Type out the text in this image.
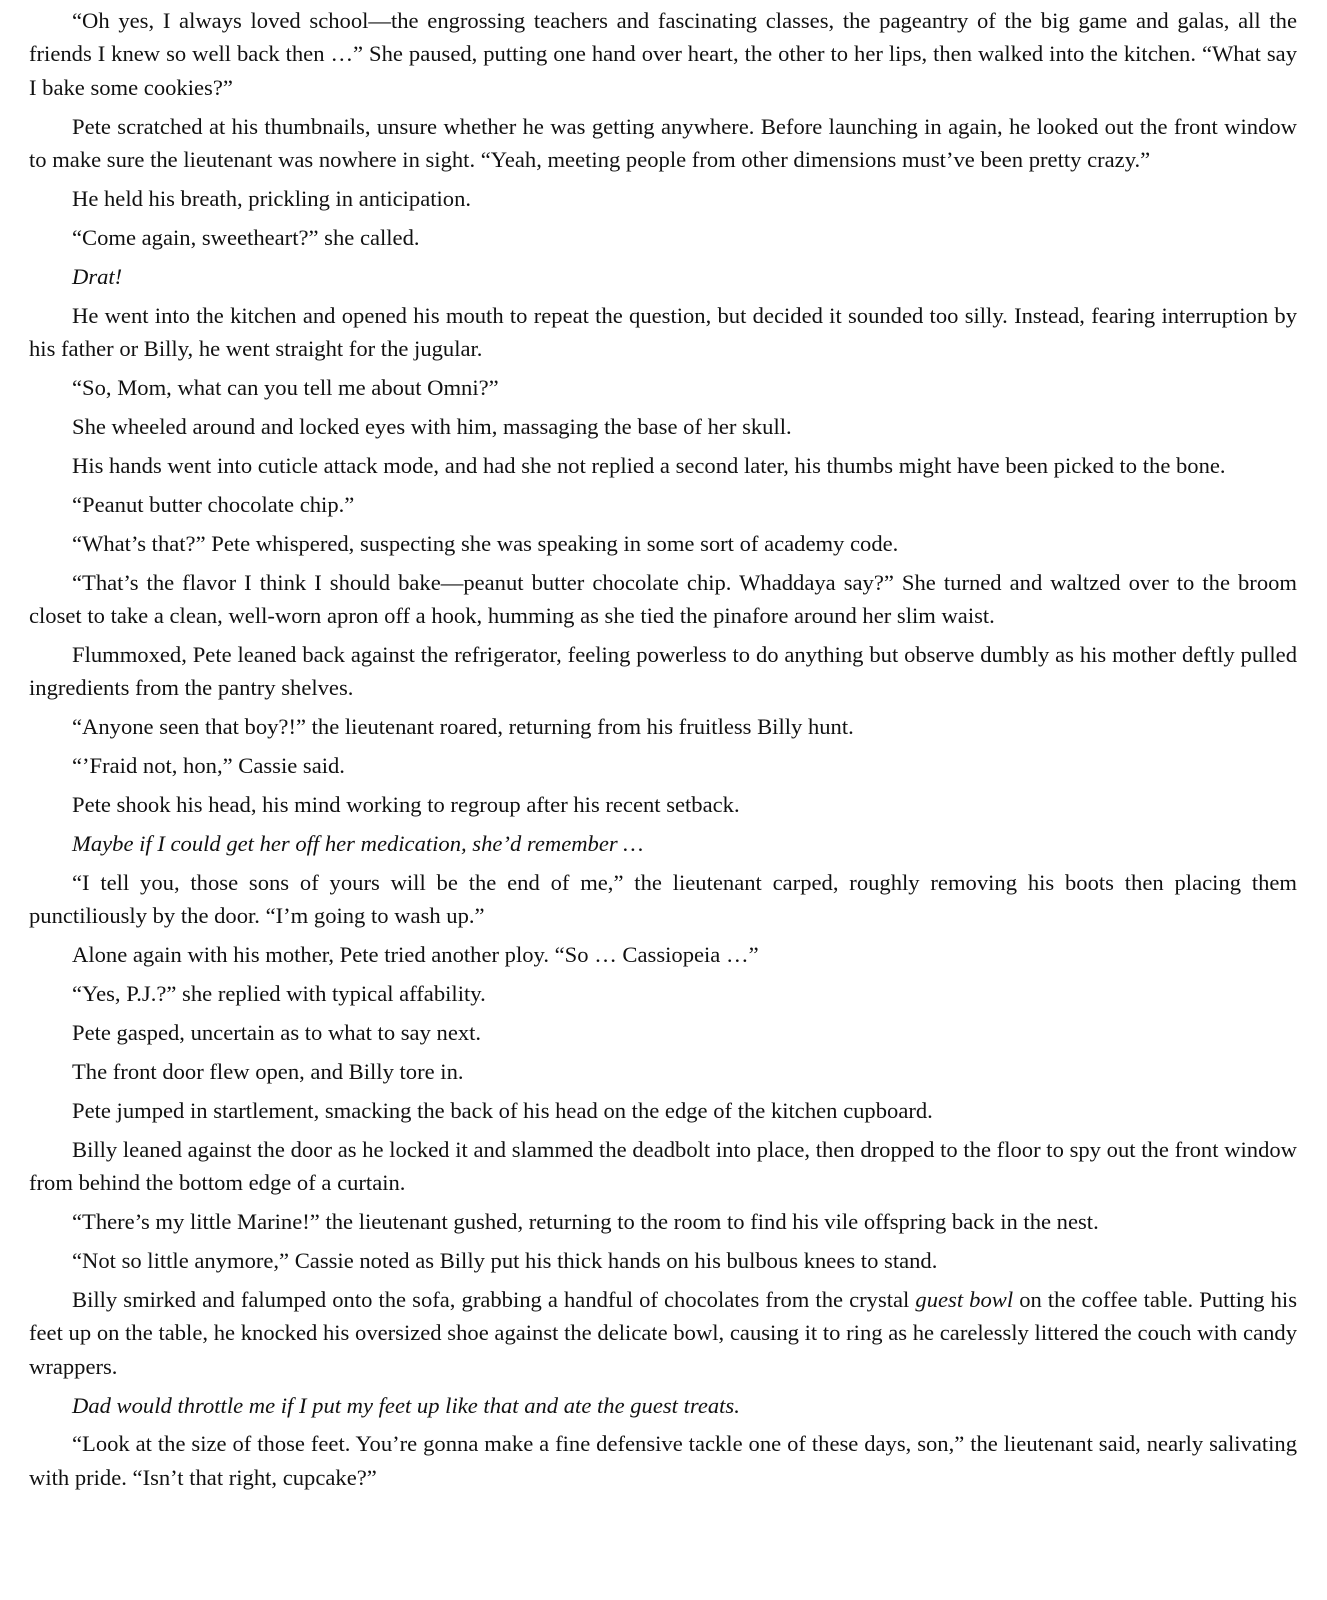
“Oh yes, I always loved school—the engrossing teachers and fascinating classes, the pageantry of the big game and galas, all the friends I knew so well back then …” She paused, putting one hand over heart, the other to her lips, then walked into the kitchen. “What say I bake some cookies?”

Pete scratched at his thumbnails, unsure whether he was getting anywhere. Before launching in again, he looked out the front window to make sure the lieutenant was nowhere in sight. “Yeah, meeting people from other dimensions must’ve been pretty crazy.”

He held his breath, prickling in anticipation.

“Come again, sweetheart?” she called.

Drat!

He went into the kitchen and opened his mouth to repeat the question, but decided it sounded too silly. Instead, fearing interruption by his father or Billy, he went straight for the jugular.

“So, Mom, what can you tell me about Omni?”

She wheeled around and locked eyes with him, massaging the base of her skull.

His hands went into cuticle attack mode, and had she not replied a second later, his thumbs might have been picked to the bone.

“Peanut butter chocolate chip.”

“What’s that?” Pete whispered, suspecting she was speaking in some sort of academy code.

“That’s the flavor I think I should bake—peanut butter chocolate chip. Whaddaya say?” She turned and waltzed over to the broom closet to take a clean, well-worn apron off a hook, humming as she tied the pinafore around her slim waist.

Flummoxed, Pete leaned back against the refrigerator, feeling powerless to do anything but observe dumbly as his mother deftly pulled ingredients from the pantry shelves.

“Anyone seen that boy?!” the lieutenant roared, returning from his fruitless Billy hunt.

“’Fraid not, hon,” Cassie said.

Pete shook his head, his mind working to regroup after his recent setback.

Maybe if I could get her off her medication, she’d remember …

“I tell you, those sons of yours will be the end of me,” the lieutenant carped, roughly removing his boots then placing them punctiliously by the door. “I’m going to wash up.”

Alone again with his mother, Pete tried another ploy. “So … Cassiopeia …”

“Yes, P.J.?” she replied with typical affability.

Pete gasped, uncertain as to what to say next.

The front door flew open, and Billy tore in.

Pete jumped in startlement, smacking the back of his head on the edge of the kitchen cupboard.

Billy leaned against the door as he locked it and slammed the deadbolt into place, then dropped to the floor to spy out the front window from behind the bottom edge of a curtain.

“There’s my little Marine!” the lieutenant gushed, returning to the room to find his vile offspring back in the nest.

“Not so little anymore,” Cassie noted as Billy put his thick hands on his bulbous knees to stand.

Billy smirked and falumped onto the sofa, grabbing a handful of chocolates from the crystal guest bowl on the coffee table. Putting his feet up on the table, he knocked his oversized shoe against the delicate bowl, causing it to ring as he carelessly littered the couch with candy wrappers.

Dad would throttle me if I put my feet up like that and ate the guest treats.

“Look at the size of those feet. You’re gonna make a fine defensive tackle one of these days, son,” the lieutenant said, nearly salivating with pride. “Isn’t that right, cupcake?”
